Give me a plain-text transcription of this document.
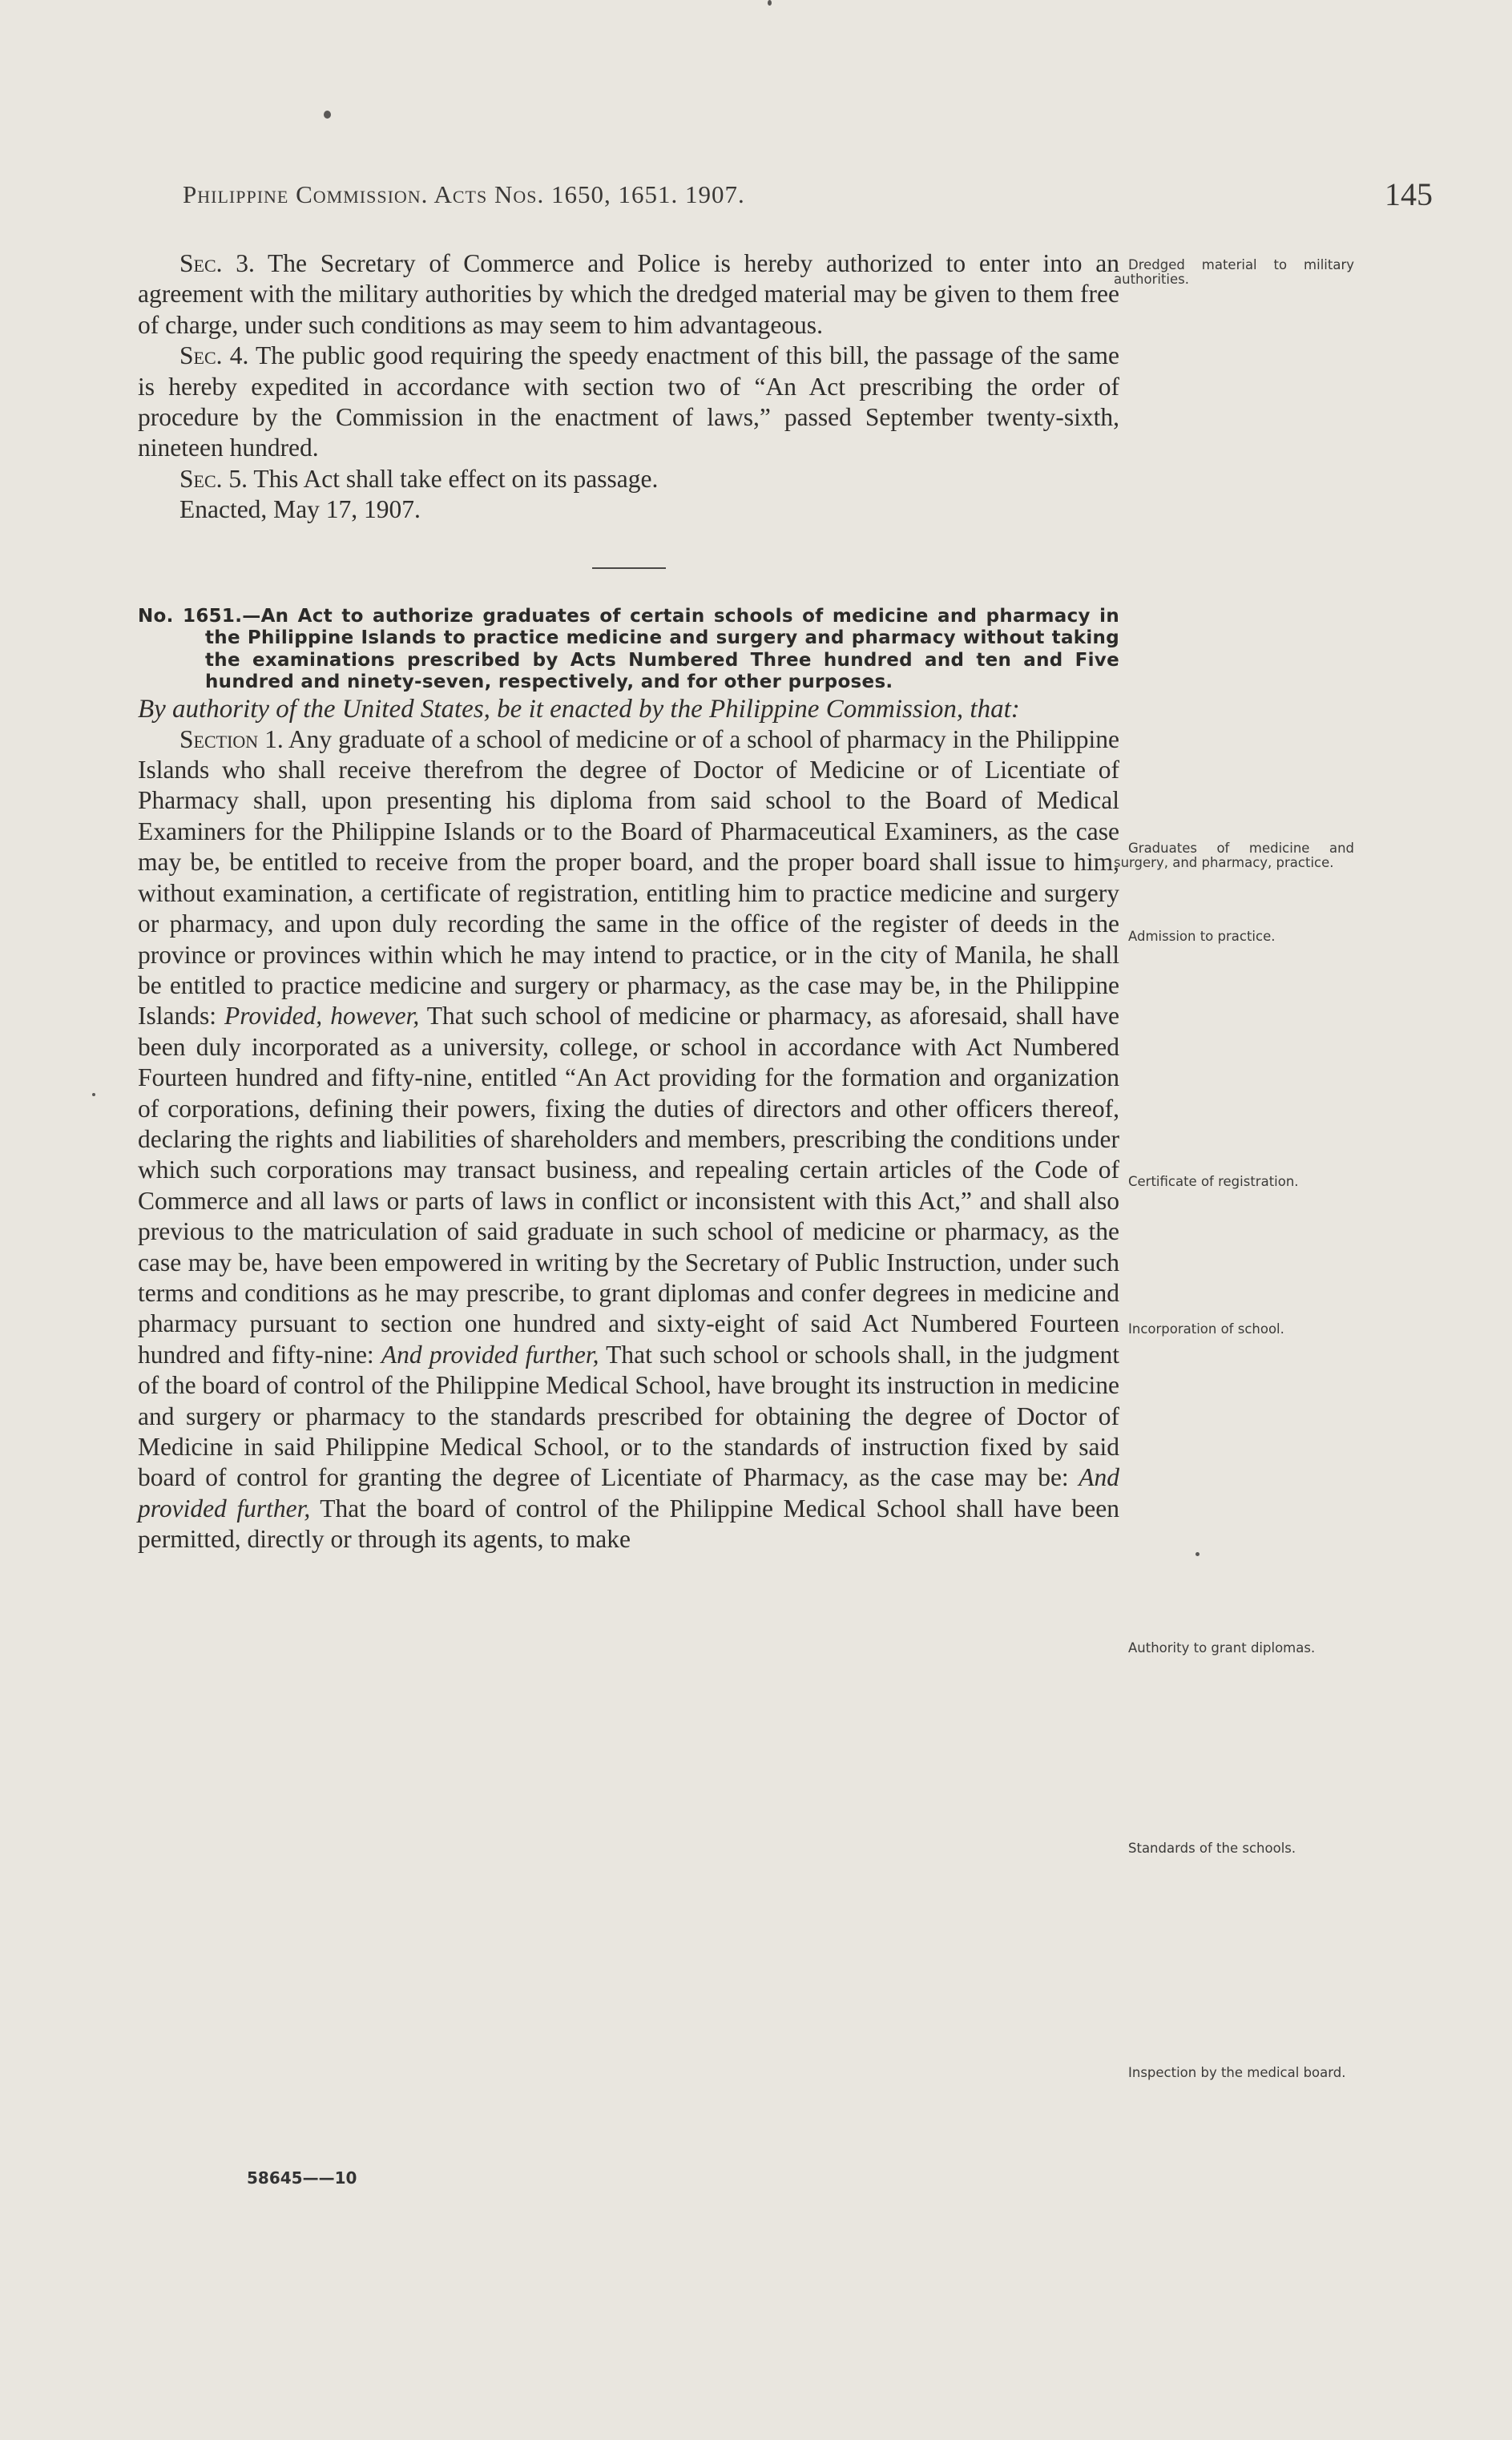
Philippine Commission. Acts Nos. 1650, 1651. 1907.	145

Sec. 3. The Secretary of Commerce and Police is hereby authorized to enter into an agreement with the military authorities by which the dredged material may be given to them free of charge, under such conditions as may seem to him advantageous.

Sec. 4. The public good requiring the speedy enactment of this bill, the passage of the same is hereby expedited in accordance with section two of “An Act prescribing the order of procedure by the Commission in the enactment of laws,” passed September twenty-sixth, nineteen hundred.

Sec. 5. This Act shall take effect on its passage.

Enacted, May 17, 1907.

No. 1651.—An Act to authorize graduates of certain schools of medicine and pharmacy in the Philippine Islands to practice medicine and surgery and pharmacy without taking the examinations prescribed by Acts Numbered Three hundred and ten and Five hundred and ninety-seven, respectively, and for other purposes.

By authority of the United States, be it enacted by the Philippine Commission, that:

Section 1. Any graduate of a school of medicine or of a school of pharmacy in the Philippine Islands who shall receive therefrom the degree of Doctor of Medicine or of Licentiate of Pharmacy shall, upon presenting his diploma from said school to the Board of Medical Examiners for the Philippine Islands or to the Board of Pharmaceutical Examiners, as the case may be, be entitled to receive from the proper board, and the proper board shall issue to him, without examination, a certificate of registration, entitling him to practice medicine and surgery or pharmacy, and upon duly recording the same in the office of the register of deeds in the province or provinces within which he may intend to practice, or in the city of Manila, he shall be entitled to practice medicine and surgery or pharmacy, as the case may be, in the Philippine Islands: Provided, however, That such school of medicine or pharmacy, as aforesaid, shall have been duly incorporated as a university, college, or school in accordance with Act Numbered Fourteen hundred and fifty-nine, entitled “An Act providing for the formation and organization of corporations, defining their powers, fixing the duties of directors and other officers thereof, declaring the rights and liabilities of shareholders and members, prescribing the conditions under which such corporations may transact business, and repealing certain articles of the Code of Commerce and all laws or parts of laws in conflict or inconsistent with this Act,” and shall also previous to the matriculation of said graduate in such school of medicine or pharmacy, as the case may be, have been empowered in writing by the Secretary of Public Instruction, under such terms and conditions as he may prescribe, to grant diplomas and confer degrees in medicine and pharmacy pursuant to section one hundred and sixty-eight of said Act Numbered Fourteen hundred and fifty-nine: And provided further, That such school or schools shall, in the judgment of the board of control of the Philippine Medical School, have brought its instruction in medicine and surgery or pharmacy to the standards prescribed for obtaining the degree of Doctor of Medicine in said Philippine Medical School, or to the standards of instruction fixed by said board of control for granting the degree of Licentiate of Pharmacy, as the case may be: And provided further, That the board of control of the Philippine Medical School shall have been permitted, directly or through its agents, to make

Dredged material to military authorities.
Graduates of medicine and surgery, and pharmacy, practice.
Admission to practice.
Certificate of registration.
Incorporation of school.
Authority to grant diplomas.
Standards of the schools.
Inspection by the medical board.
58645——10
